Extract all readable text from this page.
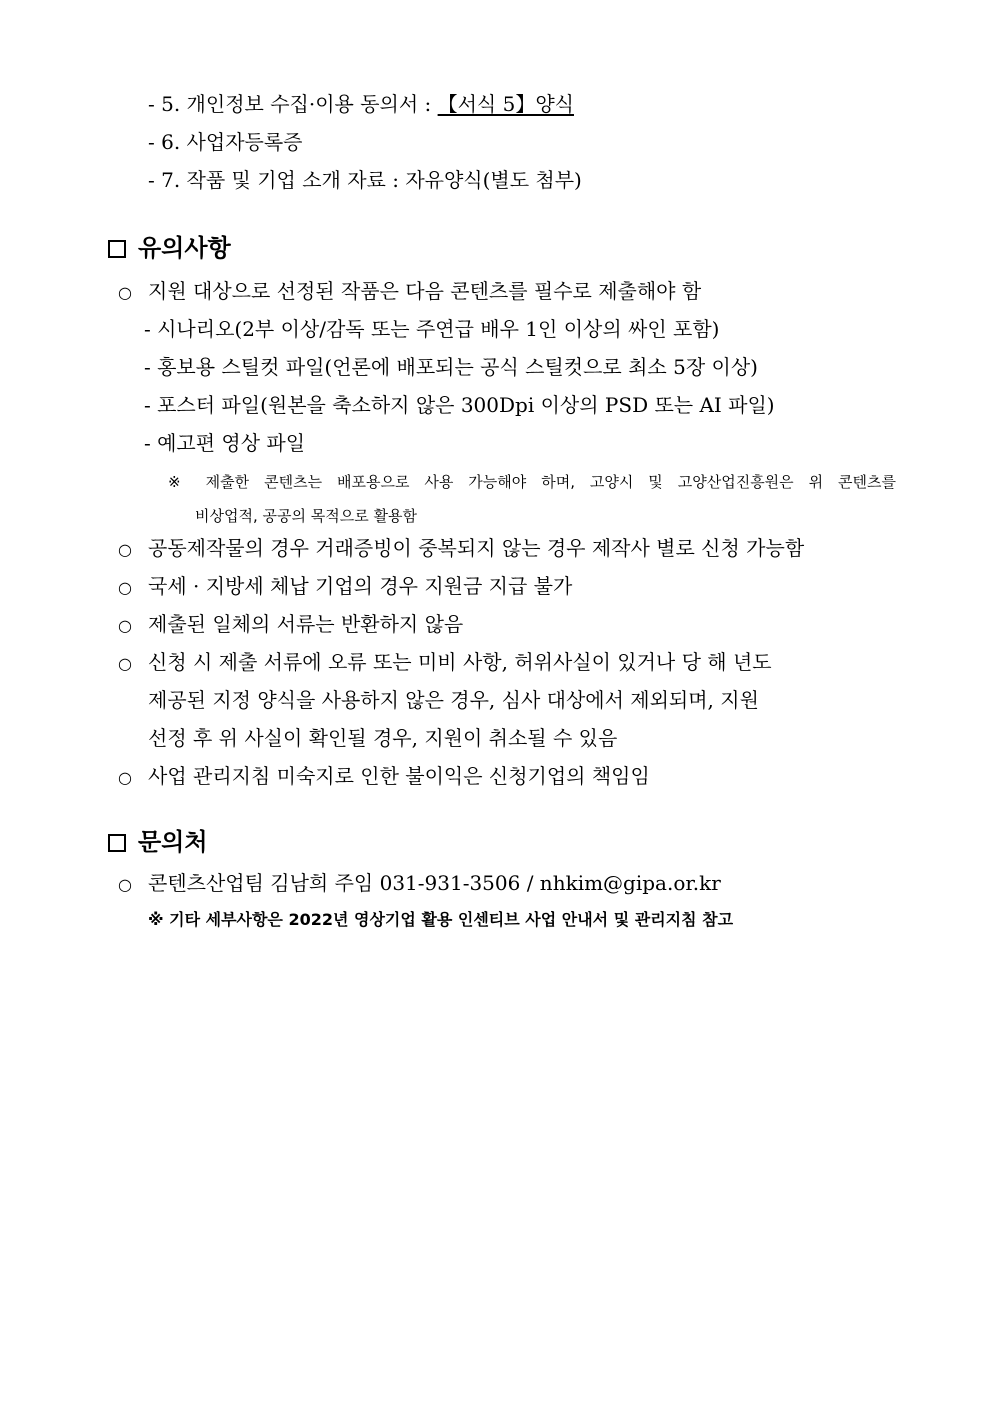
- 5. 개인정보 수집·이용 동의서 : 【서식 5】양식
- 6. 사업자등록증
- 7. 작품 및 기업 소개 자료 : 자유양식(별도 첨부)
유의사항
○ 지원 대상으로 선정된 작품은 다음 콘텐츠를 필수로 제출해야 함
- 시나리오(2부 이상/감독 또는 주연급 배우 1인 이상의 싸인 포함)
- 홍보용 스틸컷 파일(언론에 배포되는 공식 스틸컷으로 최소 5장 이상)
- 포스터 파일(원본을 축소하지 않은 300Dpi 이상의 PSD 또는 AI 파일)
- 예고편 영상 파일
※ 제출한 콘텐츠는 배포용으로 사용 가능해야 하며, 고양시 및 고양산업진흥원은 위 콘텐츠를
비상업적, 공공의 목적으로 활용함
○ 공동제작물의 경우 거래증빙이 중복되지 않는 경우 제작사 별로 신청 가능함
○ 국세 · 지방세 체납 기업의 경우 지원금 지급 불가
○ 제출된 일체의 서류는 반환하지 않음
○ 신청 시 제출 서류에 오류 또는 미비 사항, 허위사실이 있거나 당 해 년도
제공된 지정 양식을 사용하지 않은 경우, 심사 대상에서 제외되며, 지원
선정 후 위 사실이 확인될 경우, 지원이 취소될 수 있음
○ 사업 관리지침 미숙지로 인한 불이익은 신청기업의 책임임
문의처
○ 콘텐츠산업팀 김남희 주임 031-931-3506 / nhkim@gipa.or.kr
※ 기타 세부사항은 2022년 영상기업 활용 인센티브 사업 안내서 및 관리지침 참고
